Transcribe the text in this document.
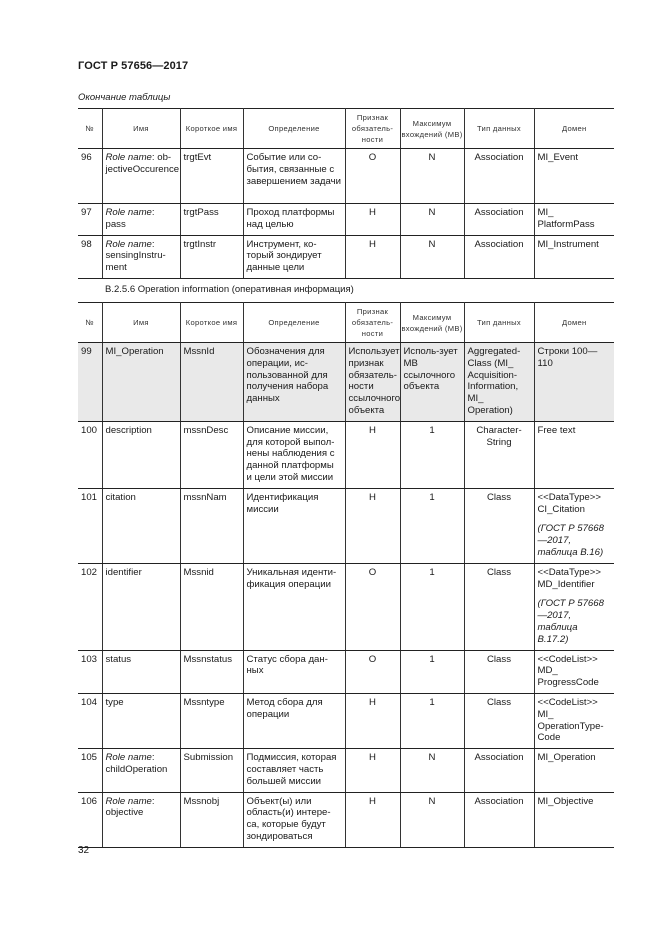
ГОСТ Р 57656—2017
Окончание таблицы
№	Имя	Короткое имя	Определение	Признак обязатель-ности	Максимум вхождений (МВ)	Тип данных	Домен
96	Role name: ob-jectiveOccurence	trgtEvt	Событие или со-бытия, связанные с завершением задачи	O	N	Association	MI_Event
97	Role name: pass	trgtPass	Проход платформы над целью	Н	N	Association	MI_ PlatformPass
98	Role name: sensingInstru-ment	trgtInstr	Инструмент, ко-торый зондирует данные цели	Н	N	Association	MI_Instrument
B.2.5.6 Operation information (оперативная информация)
№	Имя	Короткое имя	Определение	Признак обязатель-ности	Максимум вхождений (МВ)	Тип данных	Домен
99	MI_Operation	MssnId	Обозначения для операции, ис-пользованной для получения набора данных	Использует признак обязатель-ности ссылочного объекта	Исполь-зует МВ ссылочного объекта	Aggregated-Class (MI_ Acquisition-Information, MI_ Operation)	Строки 100—110
100	description	mssnDesc	Описание миссии, для которой выпол-нены наблюдения с данной платформы и цели этой миссии	Н	1	Character-String	Free text
101	citation	mssnNam	Идентификация миссии	Н	1	Class	<<DataType>> CI_Citation
(ГОСТ Р 57668—2017, таблица B.16)

102	identifier	Mssnid	Уникальная иденти-фикация операции	O	1	Class	<<DataType>> MD_Identifier
(ГОСТ Р 57668—2017, таблица B.17.2)

103	status	Mssnstatus	Статус сбора дан-ных	O	1	Class	<<CodeList>> MD_ ProgressCode
104	type	Mssntype	Метод сбора для операции	Н	1	Class	<<CodeList>> MI_ OperationType-Code
105	Role name: childOperation	Submission	Подмиссия, которая составляет часть большей миссии	Н	N	Association	MI_Operation
106	Role name: objective	Mssnobj	Объект(ы) или область(и) интере-са, которые будут зондироваться	Н	N	Association	MI_Objective
32
